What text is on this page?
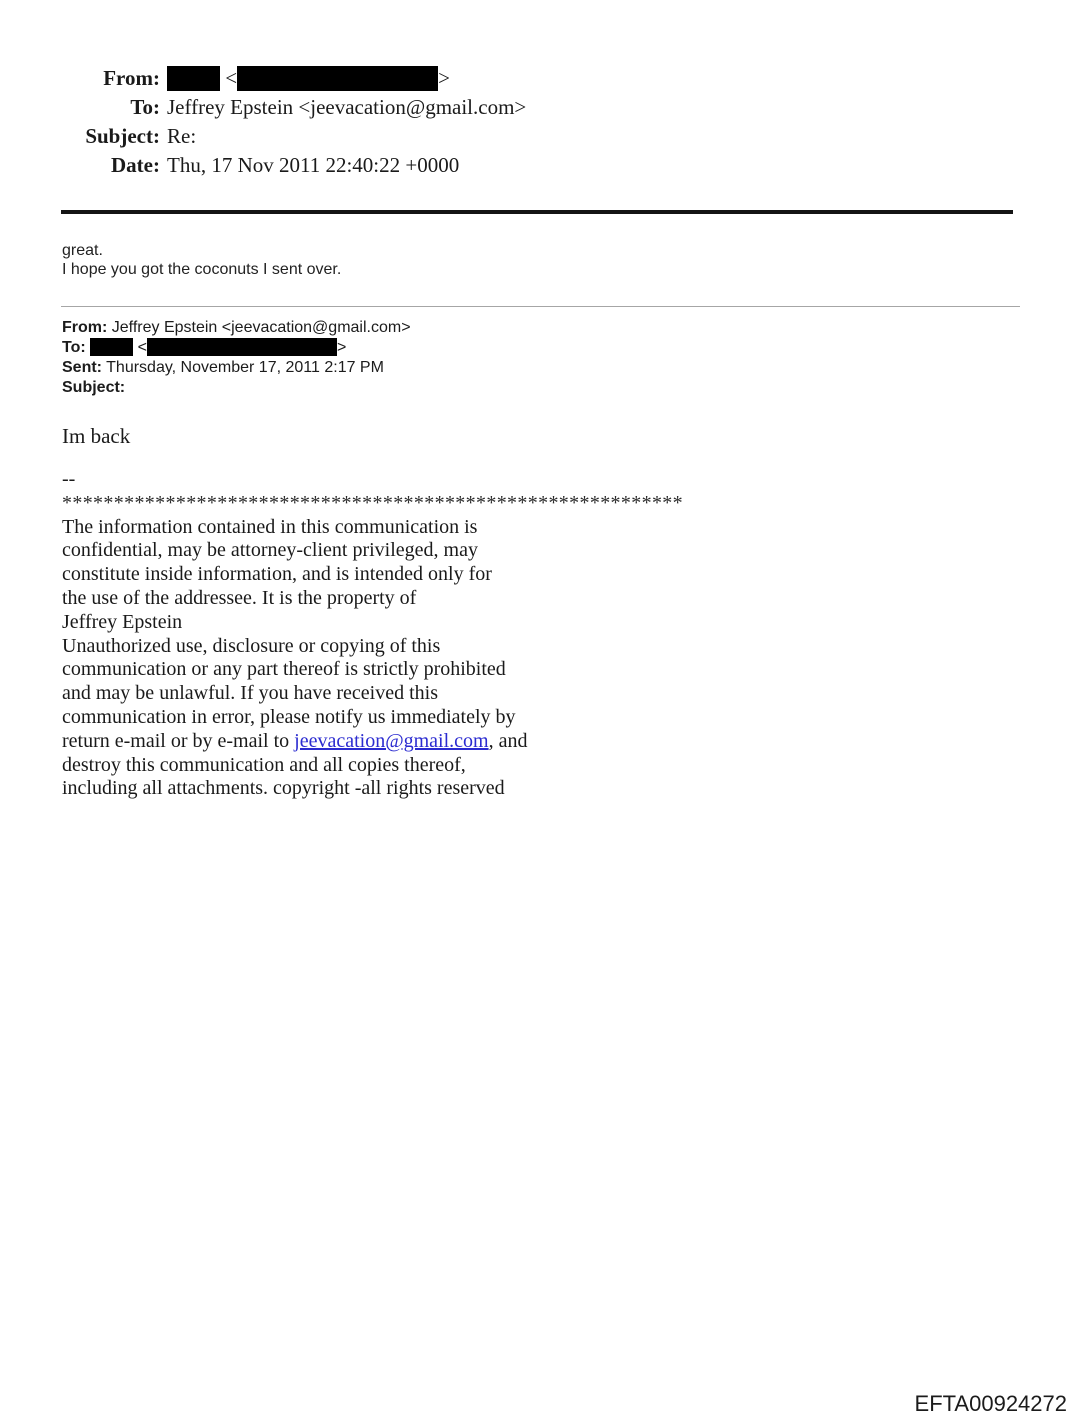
From:	<	>
To: Jeffrey Epstein <jeevacation@gmail.com>
Subject: Re:
Date: Thu, 17 Nov 2011 22:40:22 +0000
great.
I hope you got the coconuts I sent over.
From: Jeffrey Epstein <jeevacation@gmail.com>
To:	<	>
Sent: Thursday, November 17, 2011 2:17 PM
Subject:
Im back
--
************************************************************
The information contained in this communication is
confidential, may be attorney-client privileged, may
constitute inside information, and is intended only for
the use of the addressee. It is the property of
Jeffrey Epstein
Unauthorized use, disclosure or copying of this
communication or any part thereof is strictly prohibited
and may be unlawful. If you have received this
communication in error, please notify us immediately by
return e-mail or by e-mail to jeevacation@gmail.com, and
destroy this communication and all copies thereof,
including all attachments. copyright -all rights reserved
EFTA00924272
